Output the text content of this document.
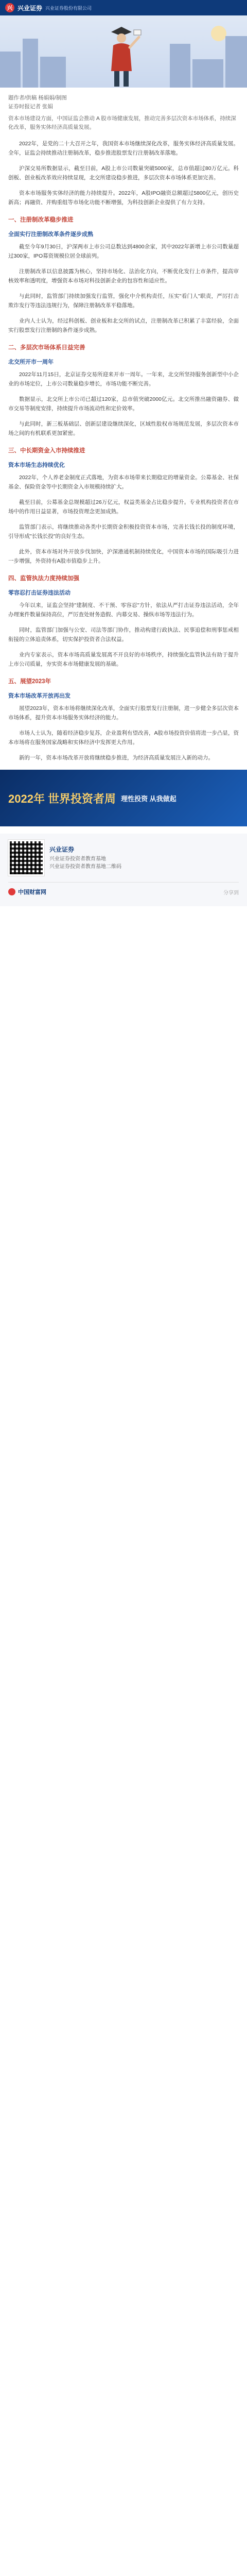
兴 兴业证券 兴业证券股份有限公司

题作者/供稿 杨娟娟/制图

证券时报记者 张娟

资本市场建设方面，中国证监会推动 A 股市场健康发展，推动完善多层次资本市场体系，持续深化改革，服务实体经济高质量发展。

2022年，是党的二十大召开之年，我国资本市场继续深化改革，服务实体经济高质量发展。全年，证监会持续推动注册制改革，稳步推进股票发行注册制改革落地。

沪深交易所数据显示，截至目前，A股上市公司数量突破5000家，总市值超过80万亿元。科创板、创业板改革效应持续显现，北交所建设稳步推进，多层次资本市场体系更加完善。

资本市场服务实体经济的能力持续提升。2022年，A股IPO融资总额超过5800亿元，创历史新高；再融资、并购重组等市场化功能不断增强，为科技创新企业提供了有力支持。

一、注册制改革稳步推进
全面实行注册制改革条件逐步成熟

截至今年9月30日，沪深两市上市公司总数达到4800余家，其中2022年新增上市公司数量超过300家，IPO募资规模位居全球前列。

注册制改革以信息披露为核心，坚持市场化、法治化方向，不断优化发行上市条件，提高审核效率和透明度，增强资本市场对科技创新企业的包容性和适应性。

与此同时，监管部门持续加强发行监管，强化中介机构责任，压实"看门人"职责，严厉打击欺诈发行等违法违规行为，保障注册制改革平稳落地。

业内人士认为，经过科创板、创业板和北交所的试点，注册制改革已积累了丰富经验，全面实行股票发行注册制的条件逐步成熟。

二、多层次市场体系日益完善
北交所开市一周年

2022年11月15日，北京证券交易所迎来开市一周年。一年来，北交所坚持服务创新型中小企业的市场定位，上市公司数量稳步增长，市场功能不断完善。

数据显示，北交所上市公司已超过120家，总市值突破2000亿元。北交所推出融资融券、做市交易等制度安排，持续提升市场流动性和定价效率。

与此同时，新三板基础层、创新层建设继续深化，区域性股权市场规范发展，多层次资本市场之间的有机联系更加紧密。

三、中长期资金入市持续推进
资本市场生态持续优化

2022年，个人养老金制度正式落地，为资本市场带来长期稳定的增量资金。公募基金、社保基金、保险资金等中长期资金入市规模持续扩大。

截至目前，公募基金总规模超过26万亿元，权益类基金占比稳步提升。专业机构投资者在市场中的作用日益显著，市场投资理念更加成熟。

监管部门表示，将继续推动各类中长期资金积极投资资本市场，完善长钱长投的制度环境，引导形成"长钱长投"的良好生态。

此外，资本市场对外开放步伐加快，沪深港通机制持续优化，中国资本市场的国际吸引力进一步增强，外资持有A股市值稳步上升。

四、监管执法力度持续加强
零容忍打击证券违法活动

今年以来，证监会坚持"建制度、不干预、零容忍"方针，依法从严打击证券违法活动，全年办理案件数量保持高位，严厉查处财务造假、内幕交易、操纵市场等违法行为。

同时，监管部门加强与公安、司法等部门协作，推动构建行政执法、民事追偿和刑事惩戒相衔接的立体追责体系，切实保护投资者合法权益。

业内专家表示，资本市场高质量发展离不开良好的市场秩序，持续强化监管执法有助于提升上市公司质量，夯实资本市场健康发展的基础。

五、展望2023年
资本市场改革开放再出发

展望2023年，资本市场将继续深化改革，全面实行股票发行注册制，进一步健全多层次资本市场体系，提升资本市场服务实体经济的能力。

市场人士认为，随着经济稳步复苏，企业盈利有望改善，A股市场投资价值将进一步凸显，资本市场将在服务国家战略和实体经济中发挥更大作用。

新的一年，资本市场改革开放将继续稳步推进，为经济高质量发展注入新的动力。

2022年 世界投资者周 理性投资 从我做起
兴业证券
兴业证券投资者教育基地
兴业证券投资者教育基地二维码
中国财富网	分享到
